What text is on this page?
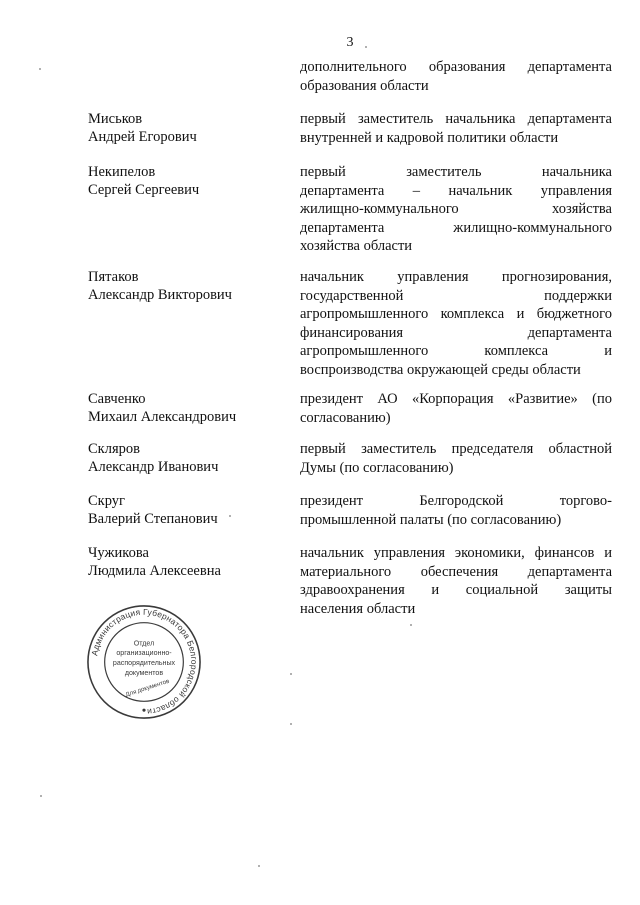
3
дополнительного образования департамента
образования области
Миськов
Андрей Егорович
первый заместитель начальника департамента
внутренней и кадровой политики области
Некипелов
Сергей Сергеевич
первый заместитель начальника
департамента – начальник управления
жилищно-коммунального хозяйства
департамента жилищно-коммунального
хозяйства области
Пятаков
Александр Викторович
начальник управления прогнозирования,
государственной поддержки
агропромышленного комплекса и бюджетного
финансирования департамента
агропромышленного комплекса и
воспроизводства окружающей среды области
Савченко
Михаил Александрович
президент АО «Корпорация «Развитие» (по
согласованию)
Скляров
Александр Иванович
первый заместитель председателя областной
Думы (по согласованию)
Скруг
Валерий Степанович
президент Белгородской торгово-
промышленной палаты (по согласованию)
Чужикова
Людмила Алексеевна
начальник управления экономики, финансов и
материального обеспечения департамента
здравоохранения и социальной защиты
населения области
Администрация Губернатора Белгородской области
Отдел
организационно-
распорядительных
документов
Для документов
